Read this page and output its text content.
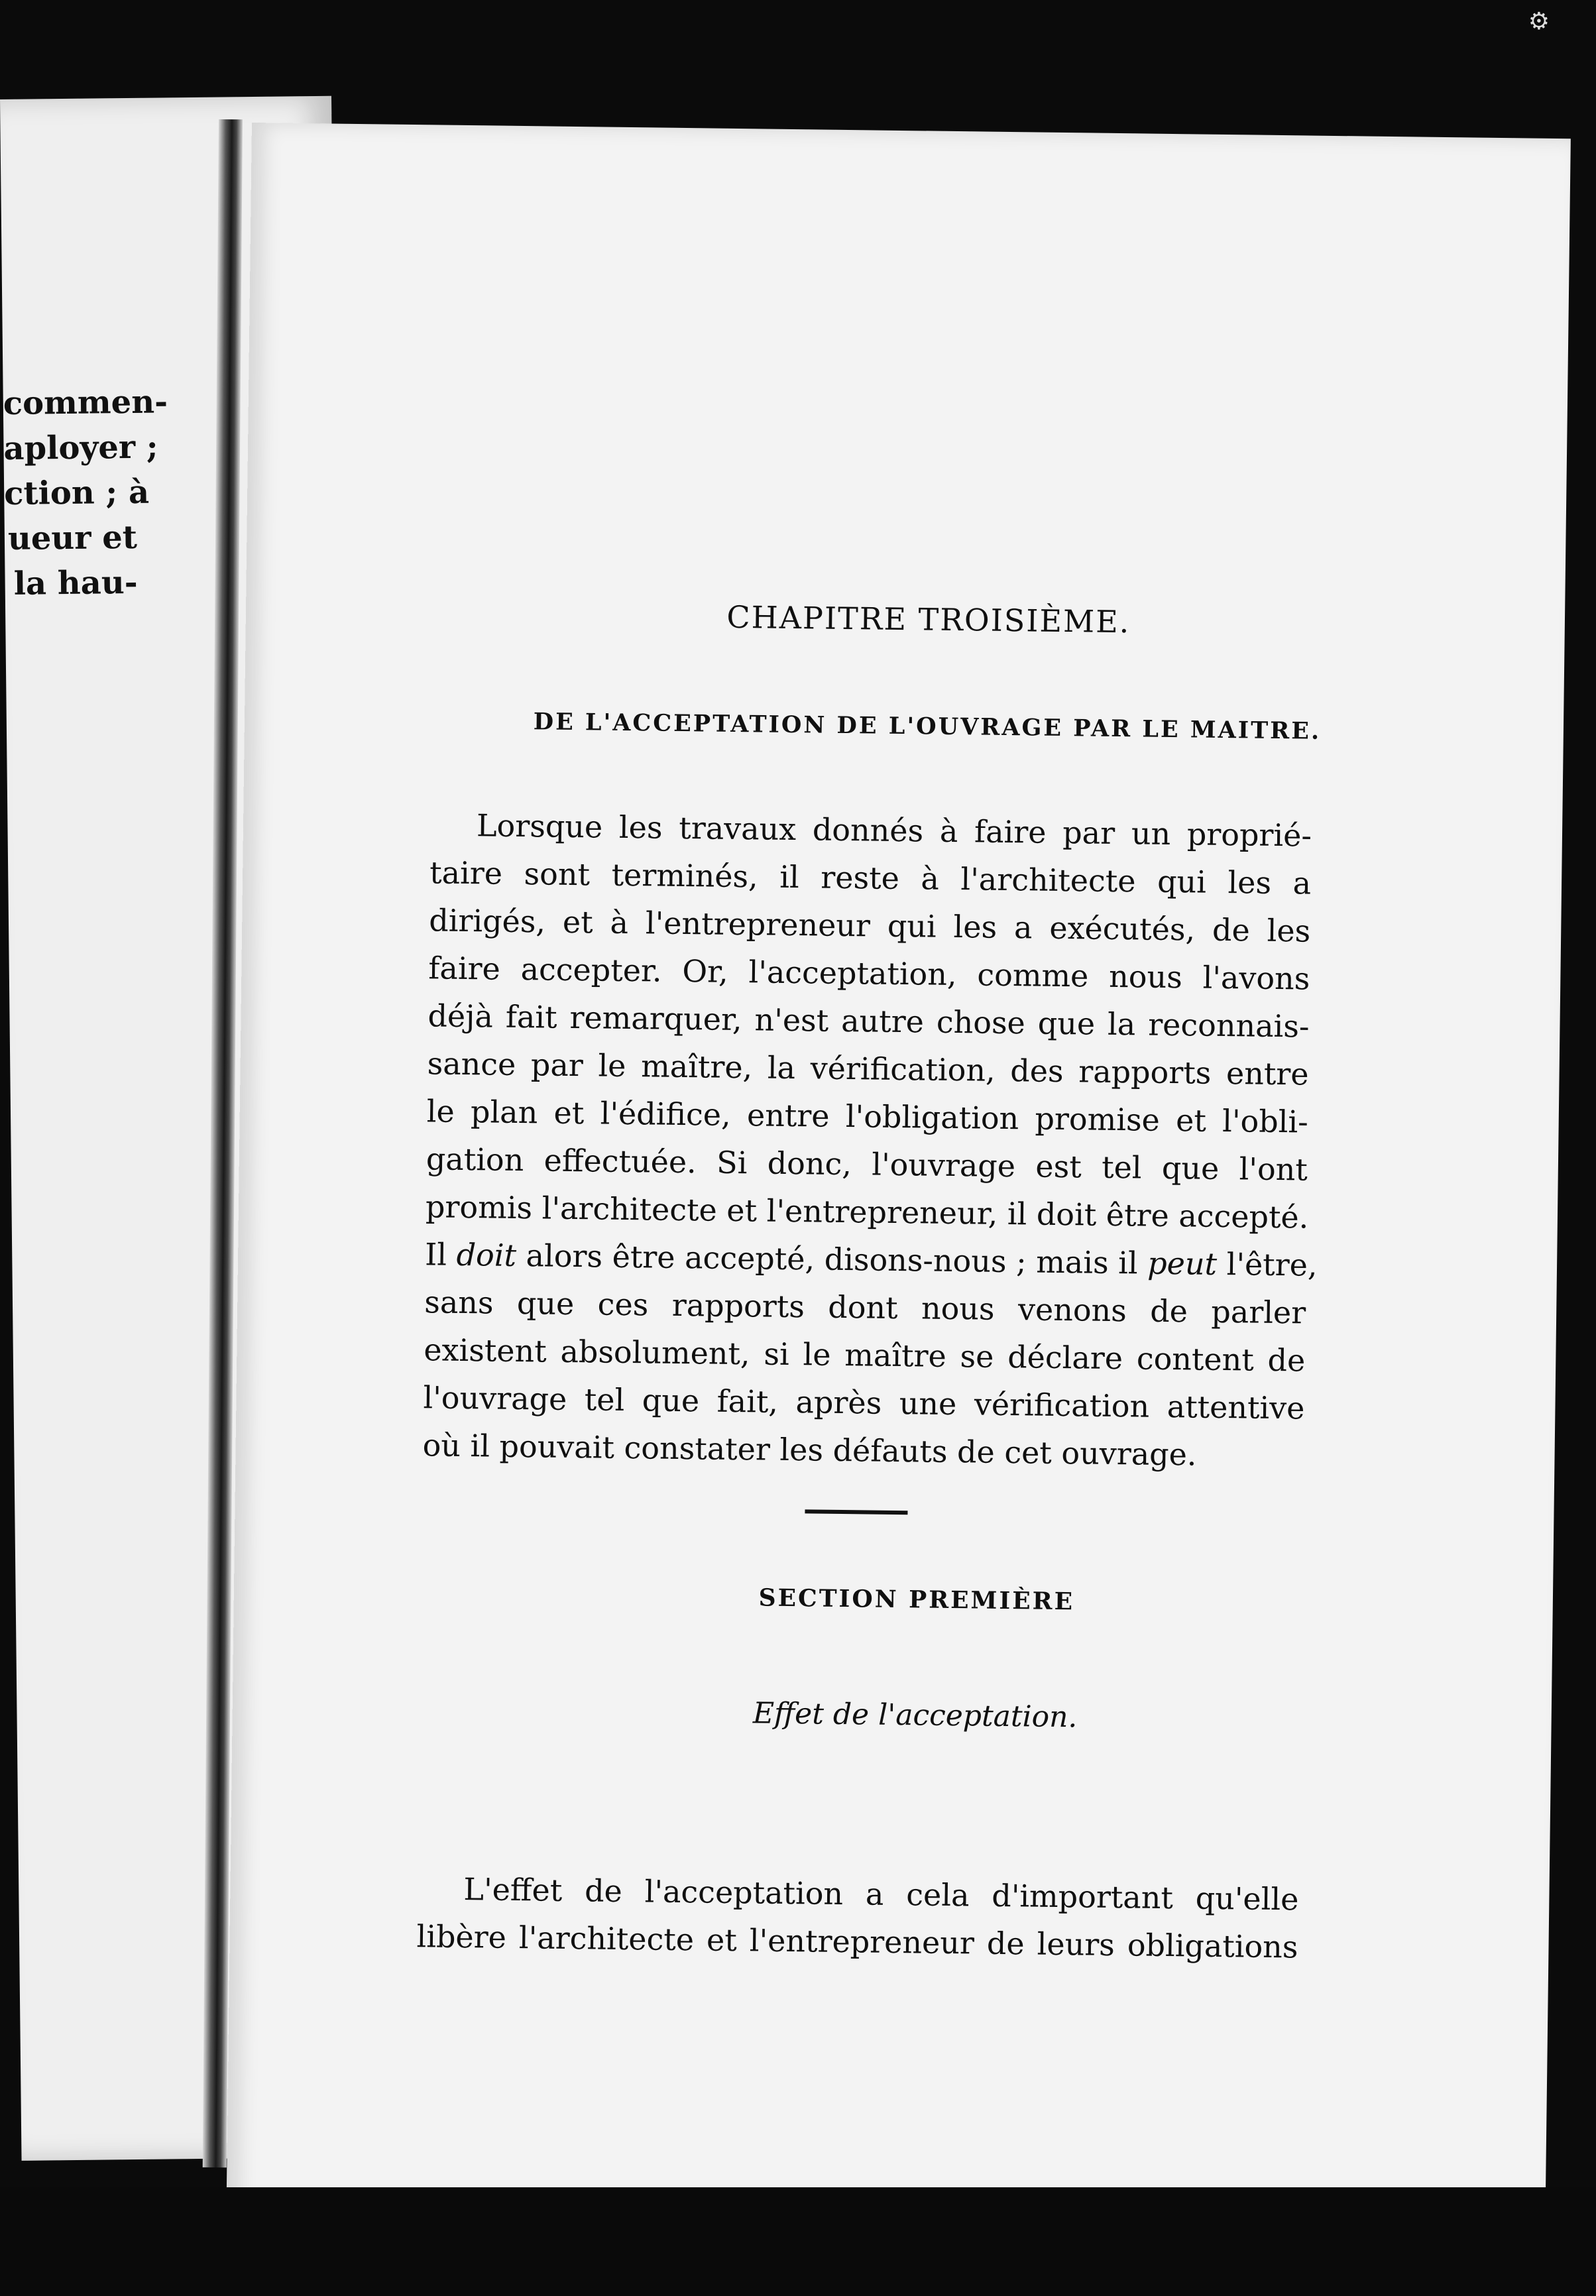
⚙
commen-
aployer ;
ction ; à
ueur et
la hau-
CHAPITRE TROISIÈME.
DE L'ACCEPTATION DE L'OUVRAGE PAR LE MAITRE.
Lorsque les travaux donnés à faire par un proprié-
taire sont terminés, il reste à l'architecte qui les a
dirigés, et à l'entrepreneur qui les a exécutés, de les
faire accepter. Or, l'acceptation, comme nous l'avons
déjà fait remarquer, n'est autre chose que la reconnais-
sance par le maître, la vérification, des rapports entre
le plan et l'édifice, entre l'obligation promise et l'obli-
gation effectuée. Si donc, l'ouvrage est tel que l'ont
promis l'architecte et l'entrepreneur, il doit être accepté.
Il doit alors être accepté, disons-nous ; mais il peut l'être,
sans que ces rapports dont nous venons de parler
existent absolument, si le maître se déclare content de
l'ouvrage tel que fait, après une vérification attentive
où il pouvait constater les défauts de cet ouvrage.
SECTION PREMIÈRE
Effet de l'acceptation.
L'effet de l'acceptation a cela d'important qu'elle
libère l'architecte et l'entrepreneur de leurs obligations
